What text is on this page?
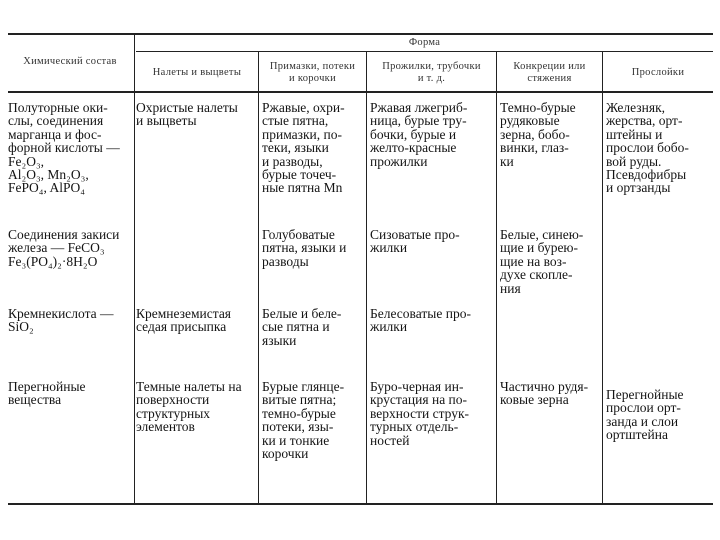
Химический состав
Форма
Налеты и выцветы
Примазки, потеки
и корочки
Прожилки, трубочки
и т. д.
Конкреции или
стяжения
Прослойки
Полуторные оки-
слы, соединения
марганца и фос-
форной кислоты — Fe₂O₃,
Al₂O₃, Mn₂O₃,
FePO₄, AlPO₄
Охристые налеты
и выцветы
Ржавые, охри-
стые пятна,
примазки, по-
теки, языки
и разводы,
бурые точеч-
ные пятна Mn
Ржавая лжегриб-
ница, бурые тру-
бочки, бурые и
желто-красные
прожилки
Темно-бурые
рудяковые
зерна, бобо-
винки, глаз-
ки
Железняк,
жерства, орт-
штейны и
прослои бобо-
вой руды.
Псевдофибры
и ортзанды
Соединения закиси
железа — FeCO₃
Fe₃(PO₄)₂·8H₂O
Голубоватые
пятна, языки и
разводы
Сизоватые про-
жилки
Белые, синею-
щие и бурею-
щие на воз-
духе скопле-
ния
Кремнекислота —
SiO₂
Кремнеземистая
седая присыпка
Белые и беле-
сые пятна и
языки
Белесоватые про-
жилки
Перегнойные
вещества
Темные налеты на
поверхности
структурных
элементов
Бурые глянце-
витые пятна;
темно-бурые
потеки, язы-
ки и тонкие
корочки
Буро-черная ин-
крустация на по-
верхности струк-
турных отдель-
ностей
Частично рудя-
ковые зерна	Перегнойные
прослои орт-
занда и слои
ортштейна
